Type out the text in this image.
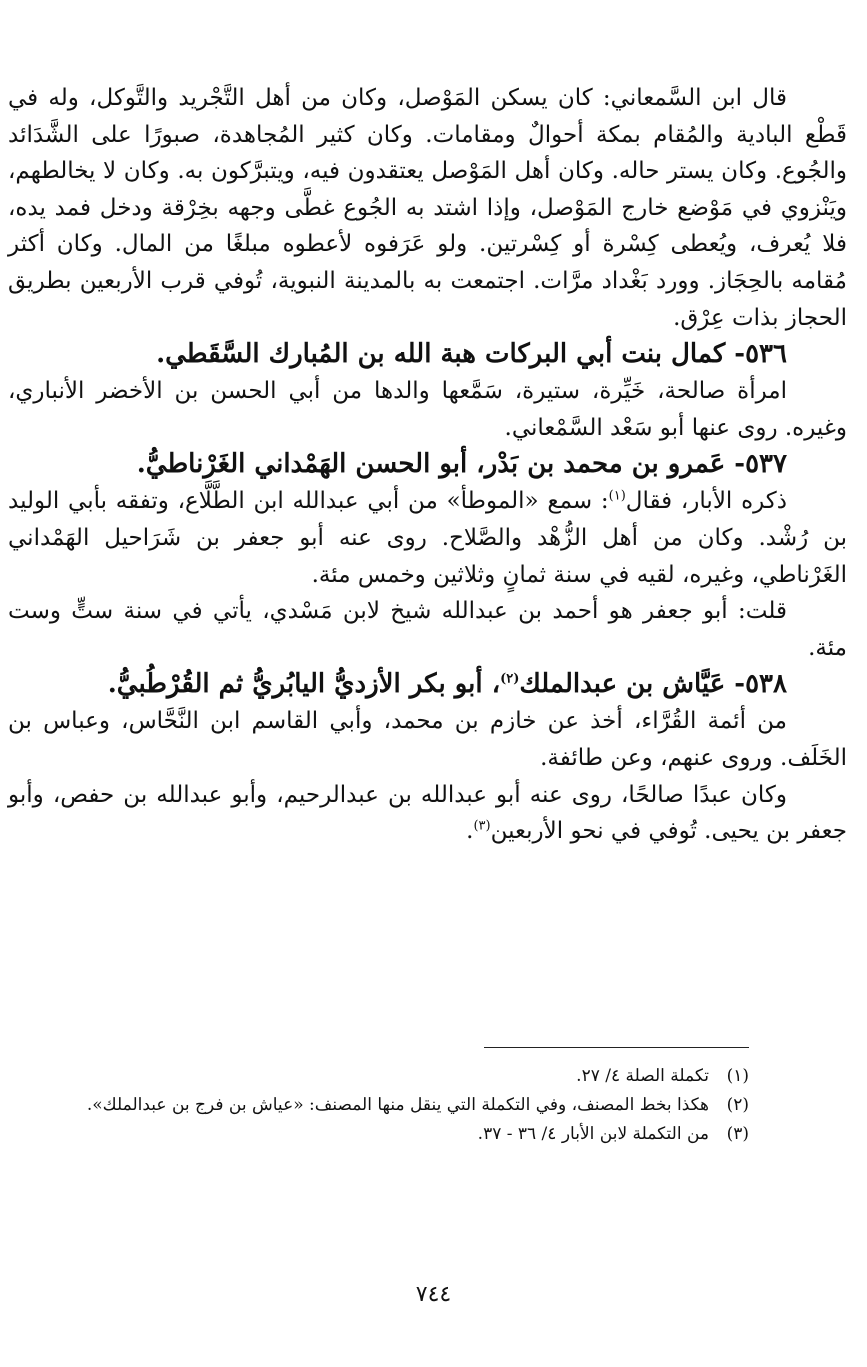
قال ابن السَّمعاني: كان يسكن المَوْصل، وكان من أهل التَّجْريد والتَّوكل، وله في قَطْع البادية والمُقام بمكة أحوالٌ ومقامات. وكان كثير المُجاهدة، صبورًا على الشَّدَائد والجُوع. وكان يستر حاله. وكان أهل المَوْصل يعتقدون فيه، ويتبرَّكون به. وكان لا يخالطهم، ويَنْزوي في مَوْضع خارج المَوْصل، وإذا اشتد به الجُوع غطَّى وجهه بخِرْقة ودخل فمد يده، فلا يُعرف، ويُعطى كِسْرة أو كِسْرتين. ولو عَرَفوه لأعطوه مبلغًا من المال. وكان أكثر مُقامه بالحِجَاز. وورد بَغْداد مرَّات. اجتمعت به بالمدينة النبوية، تُوفي قرب الأربعين بطريق الحجاز بذات عِرْق.

٥٣٦- كمال بنت أبي البركات هبة الله بن المُبارك السَّقَطي.

امرأة صالحة، خَيِّرة، ستيرة، سَمَّعها والدها من أبي الحسن بن الأخضر الأنباري، وغيره. روى عنها أبو سَعْد السَّمْعاني.

٥٣٧- عَمرو بن محمد بن بَدْر، أبو الحسن الهَمْداني الغَرْناطيُّ.

ذكره الأبار، فقال$^{(١)}$: سمع «الموطأ» من أبي عبدالله ابن الطَّلَّاع، وتفقه بأبي الوليد بن رُشْد. وكان من أهل الزُّهْد والصَّلاح. روى عنه أبو جعفر بن شَرَاحيل الهَمْداني الغَرْناطي، وغيره، لقيه في سنة ثمانٍ وثلاثين وخمس مئة.

قلت: أبو جعفر هو أحمد بن عبدالله شيخ لابن مَسْدي، يأتي في سنة ستٍّ وست مئة.

٥٣٨- عَيَّاش بن عبدالملك$^{(٢)}$، أبو بكر الأزديُّ اليابُريُّ ثم القُرْطُبيُّ.

من أئمة القُرَّاء، أخذ عن خازم بن محمد، وأبي القاسم ابن النَّحَّاس، وعباس بن الخَلَف. وروى عنهم، وعن طائفة.

وكان عبدًا صالحًا، روى عنه أبو عبدالله بن عبدالرحيم، وأبو عبدالله بن حفص، وأبو جعفر بن يحيى. تُوفي في نحو الأربعين$^{(٣)}$.

(١)
تكملة الصلة ٤/ ٢٧.
(٢)
هكذا بخط المصنف، وفي التكملة التي ينقل منها المصنف: «عياش بن فرج بن عبدالملك».
(٣)
من التكملة لابن الأبار ٤/ ٣٦ - ٣٧.
٧٤٤
